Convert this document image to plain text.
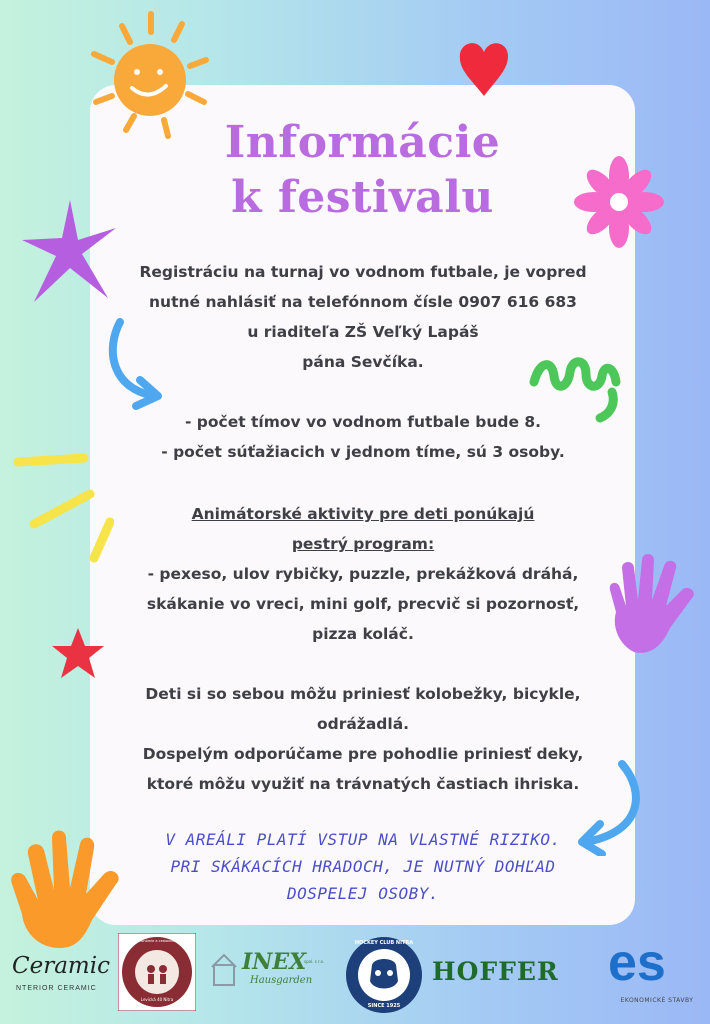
Informácie
k festivalu
Registráciu na turnaj vo vodnom futbale, je vopred
nutné nahlásiť na telefónnom čísle 0907 616 683
u riaditeľa ZŠ Veľký Lapáš
pána Sevčíka.
- počet tímov vo vodnom futbale bude 8.
- počet súťažiacich v jednom tíme, sú 3 osoby.
Animátorské aktivity pre deti ponúkajú
pestrý program:
- pexeso, ulov rybičky, puzzle, prekážková dráhá,
skákanie vo vreci, mini golf, precvič si pozornosť,
pizza koláč.
Deti si so sebou môžu priniesť kolobežky, bicykle,
odrážadlá.
Dospelým odporúčame pre pohodlie priniesť deky,
ktoré môžu využiť na trávnatých častiach ihriska.
V AREÁLI PLATÍ VSTUP NA VLASTNÉ RIZIKO.
PRI SKÁKACÍCH HRADOCH, JE NUTNÝ DOHĽAD
DOSPELEJ OSOBY.
Ceramic
NTERIOR CERAMIC
SOŠ gastronómie a cestovného ruchu
Levická 40 Nitra
INEX
spol. s r.o.
Hausgarden
HOCKEY CLUB NITRA
SINCE 1925
HOFFER es
EKONOMICKÉ STAVBY
